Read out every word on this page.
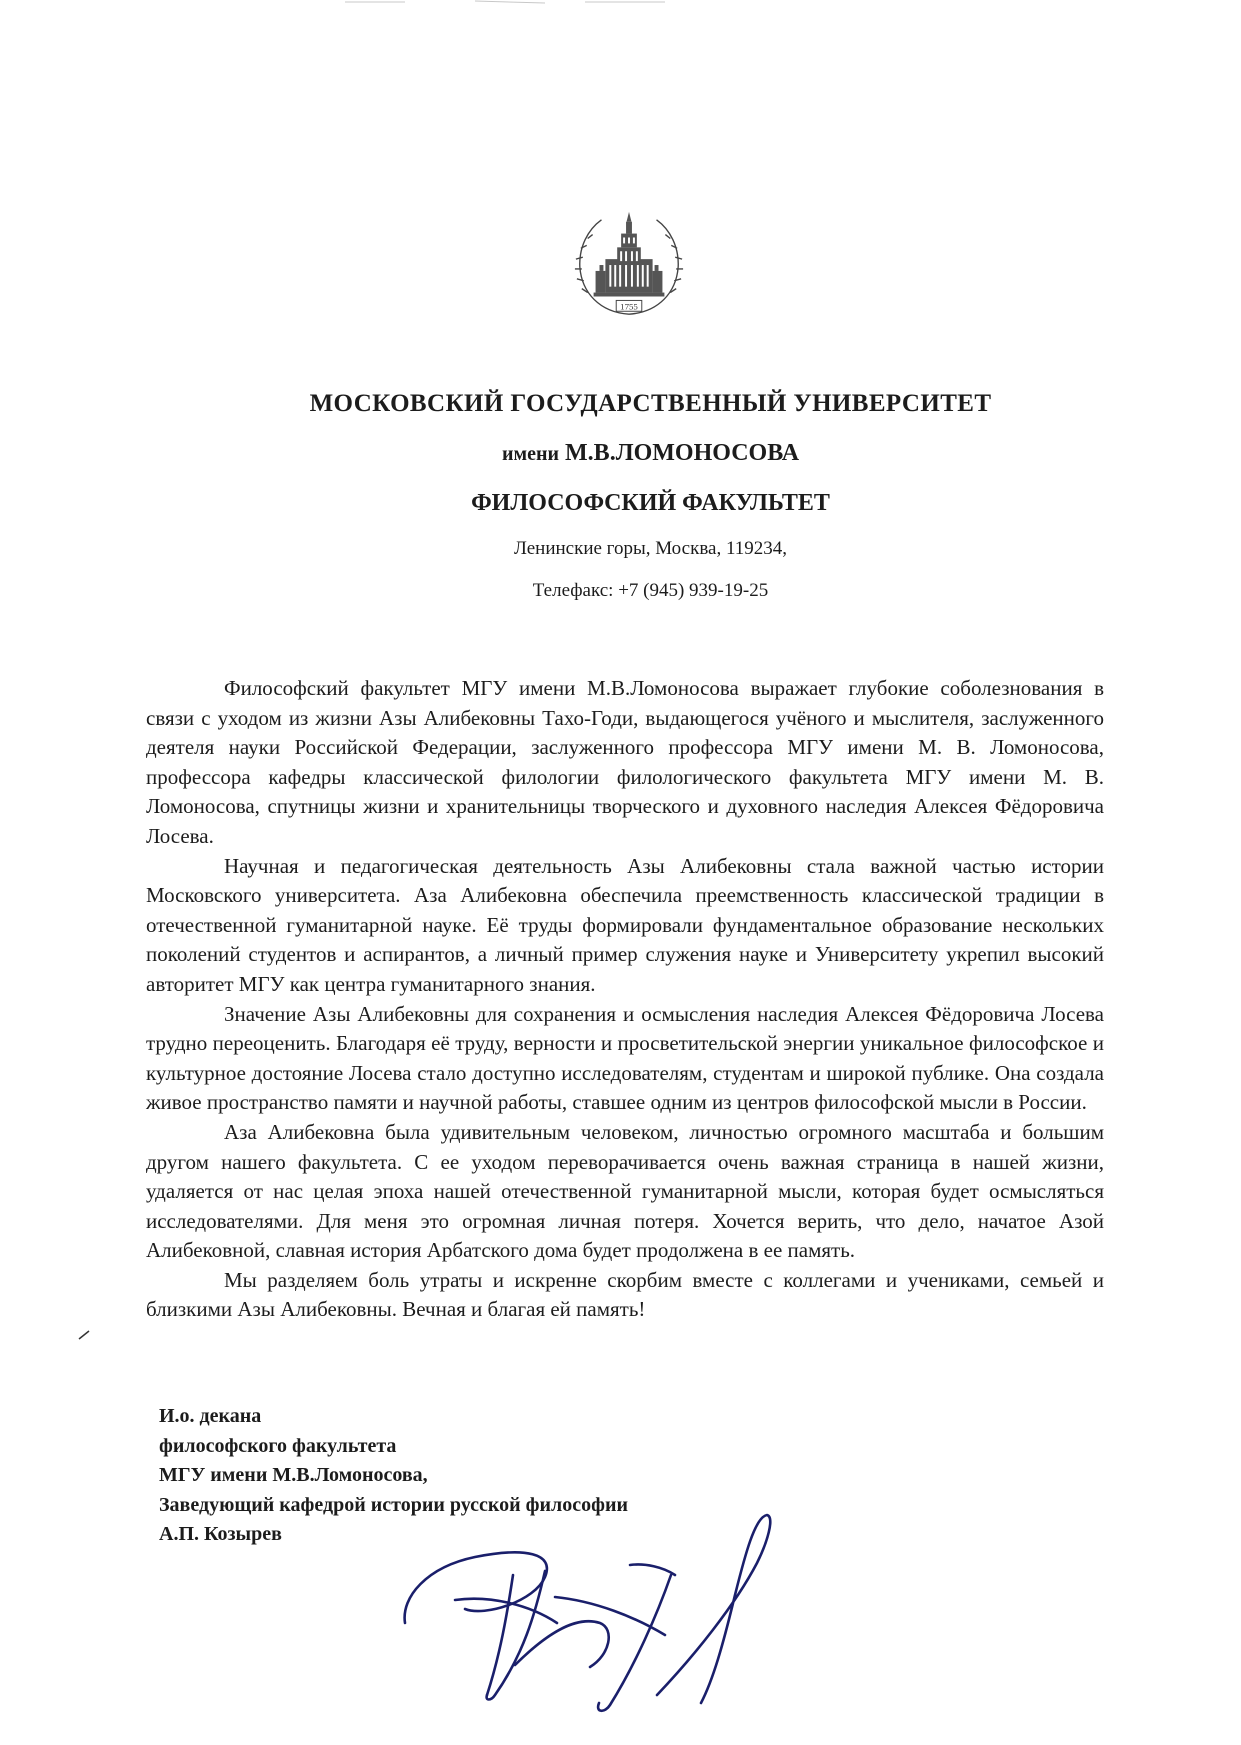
1755
МОСКОВСКИЙ ГОСУДАРСТВЕННЫЙ УНИВЕРСИТЕТ
имени М.В.ЛОМОНОСОВА
ФИЛОСОФСКИЙ ФАКУЛЬТЕТ
Ленинские горы, Москва, 119234,
Телефакс: +7 (945) 939-19-25

Философский факультет МГУ имени М.В.Ломоносова выражает глубокие соболезнования в связи с уходом из жизни Азы Алибековны Тахо-Годи, выдающегося учёного и мыслителя, заслуженного деятеля науки Российской Федерации, заслуженного профессора МГУ имени М. В. Ломоносова, профессора кафедры классической филологии филологического факультета МГУ имени М. В. Ломоносова, спутницы жизни и хранительницы творческого и духовного наследия Алексея Фёдоровича Лосева.

Научная и педагогическая деятельность Азы Алибековны стала важной частью истории Московского университета. Аза Алибековна обеспечила преемственность классической традиции в отечественной гуманитарной науке. Её труды формировали фундаментальное образование нескольких поколений студентов и аспирантов, а личный пример служения науке и Университету укрепил высокий авторитет МГУ как центра гуманитарного знания.

Значение Азы Алибековны для сохранения и осмысления наследия Алексея Фёдоровича Лосева трудно переоценить. Благодаря её труду, верности и просветительской энергии уникальное философское и культурное достояние Лосева стало доступно исследователям, студентам и широкой публике. Она создала живое пространство памяти и научной работы, ставшее одним из центров философской мысли в России.

Аза Алибековна была удивительным человеком, личностью огромного масштаба и большим другом нашего факультета. С ее уходом переворачивается очень важная страница в нашей жизни, удаляется от нас целая эпоха нашей отечественной гуманитарной мысли, которая будет осмысляться исследователями. Для меня это огромная личная потеря. Хочется верить, что дело, начатое Азой Алибековной, славная история Арбатского дома будет продолжена в ее память.

Мы разделяем боль утраты и искренне скорбим вместе с коллегами и учениками, семьей и близкими Азы Алибековны. Вечная и благая ей память!

И.о. декана
философского факультета
МГУ имени М.В.Ломоносова,
Заведующий кафедрой истории русской философии
А.П. Козырев
